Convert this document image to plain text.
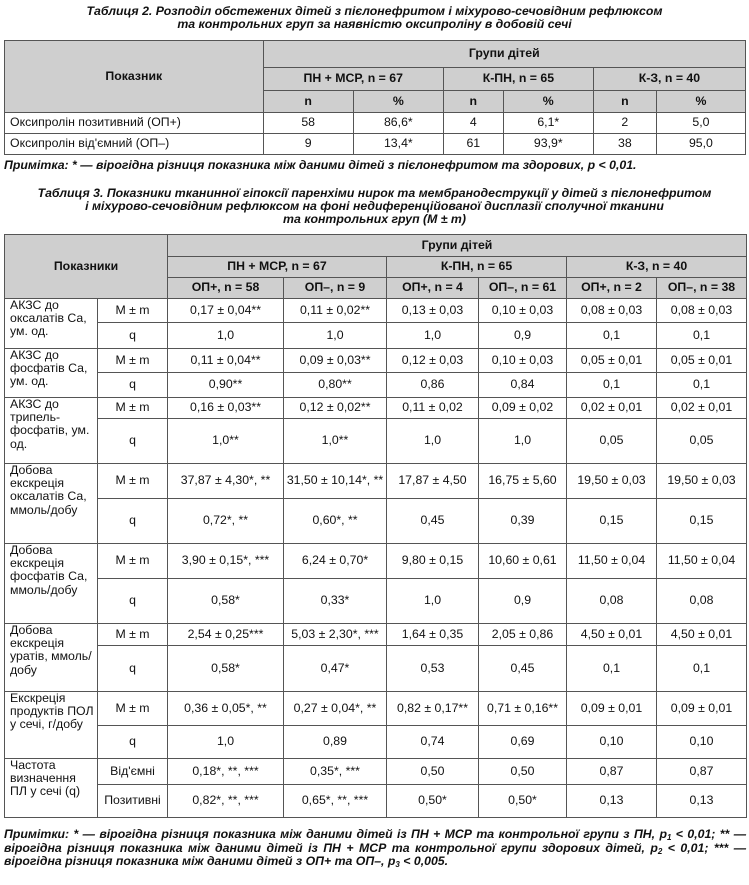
Таблиця 2. Розподіл обстежених дітей з пієлонефритом і міхурово-сечовідним рефлюксом
та контрольних груп за наявністю оксипроліну в добовій сечі
Показник	Групи дітей					
	ПН + МСР, n = 67		К-ПН, n = 65		К-З, n = 40	
	n	%	n	%	n	%
Оксипролін позитивний (ОП+)	58	86,6*	4	6,1*	2	5,0
Оксипролін від'ємний (ОП–)	9	13,4*	61	93,9*	38	95,0
Примітка: * — вірогідна різниця показника між даними дітей з пієлонефритом та здорових, р < 0,01.
Таблиця 3. Показники тканинної гіпоксії паренхіми нирок та мембранодеструкції у дітей з пієлонефритом
і міхурово-сечовідним рефлюксом на фоні недиференційованої дисплазії сполучної тканини
та контрольних груп (М ± m)
Показники		Групи дітей					
		ПН + МСР, n = 67		К-ПН, n = 65		К-З, n = 40	
		ОП+, n = 58	ОП–, n = 9	ОП+, n = 4	ОП–, n = 61	ОП+, n = 2	ОП–, n = 38
АКЗС до оксалатів Са, ум. од.	М ± m	0,17 ± 0,04**	0,11 ± 0,02**	0,13 ± 0,03	0,10 ± 0,03	0,08 ± 0,03	0,08 ± 0,03
	q	1,0	1,0	1,0	0,9	0,1	0,1
АКЗС до фосфатів Са, ум. од.	М ± m	0,11 ± 0,04**	0,09 ± 0,03**	0,12 ± 0,03	0,10 ± 0,03	0,05 ± 0,01	0,05 ± 0,01
	q	0,90**	0,80**	0,86	0,84	0,1	0,1
АКЗС до трипель-фосфатів, ум. од.	М ± m	0,16 ± 0,03**	0,12 ± 0,02**	0,11 ± 0,02	0,09 ± 0,02	0,02 ± 0,01	0,02 ± 0,01
	q	1,0**	1,0**	1,0	1,0	0,05	0,05
Добова екскреція оксалатів Са, ммоль/добу	М ± m	37,87 ± 4,30*, **	31,50 ± 10,14*, **	17,87 ± 4,50	16,75 ± 5,60	19,50 ± 0,03	19,50 ± 0,03
	q	0,72*, **	0,60*, **	0,45	0,39	0,15	0,15
Добова екскреція фосфатів Са, ммоль/добу	М ± m	3,90 ± 0,15*, ***	6,24 ± 0,70*	9,80 ± 0,15	10,60 ± 0,61	11,50 ± 0,04	11,50 ± 0,04
	q	0,58*	0,33*	1,0	0,9	0,08	0,08
Добова екскреція уратів, ммоль/добу	М ± m	2,54 ± 0,25***	5,03 ± 2,30*, ***	1,64 ± 0,35	2,05 ± 0,86	4,50 ± 0,01	4,50 ± 0,01
	q	0,58*	0,47*	0,53	0,45	0,1	0,1
Екскреція продуктів ПОЛ у сечі, г/добу	М ± m	0,36 ± 0,05*, **	0,27 ± 0,04*, **	0,82 ± 0,17**	0,71 ± 0,16**	0,09 ± 0,01	0,09 ± 0,01
	q	1,0	0,89	0,74	0,69	0,10	0,10
Частота визначення ПЛ у сечі (q)	Від'ємні	0,18*, **, ***	0,35*, ***	0,50	0,50	0,87	0,87
	Позитивні	0,82*, **, ***	0,65*, **, ***	0,50*	0,50*	0,13	0,13
Примітки: * — вірогідна різниця показника між даними дітей із ПН + МСР та контрольної групи з ПН, $р_1 < 0,01$; ** — вірогідна різниця показника між даними дітей із ПН + МСР та контрольної групи здорових дітей, $р_2 < 0,01$; *** — вірогідна різниця показника між даними дітей з ОП+ та ОП–, $р_3 < 0,005$.
